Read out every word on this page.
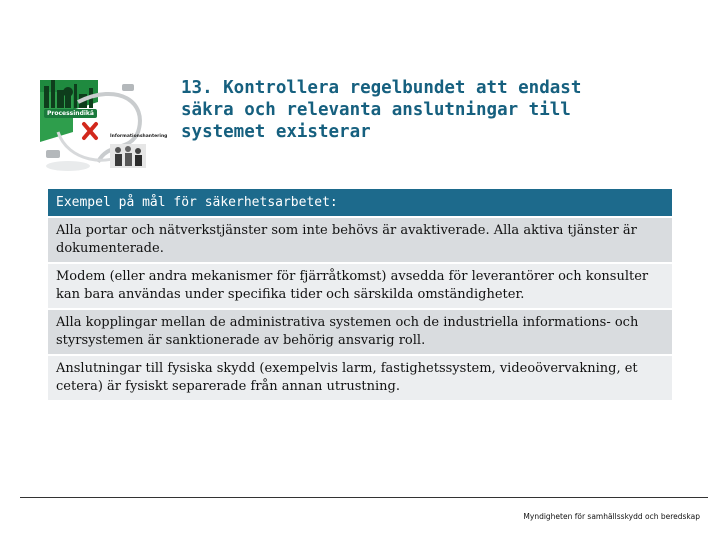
Processindikä
Informationshantering
13. Kontrollera regelbundet att endast säkra och relevanta anslutningar till systemet existerar
Exempel på mål för säkerhetsarbetet:
Alla portar och nätverkstjänster som inte behövs är avaktiverade. Alla aktiva tjänster är dokumenterade.
Modem (eller andra mekanismer för fjärråtkomst) avsedda för leverantörer och konsulter kan bara användas under specifika tider och särskilda omständigheter.
Alla kopplingar mellan de administrativa systemen och de industriella informations- och styrsystemen är sanktionerade av behörig ansvarig roll.
Anslutningar till fysiska skydd (exempelvis larm, fastighetssystem, videoövervakning, et cetera) är fysiskt separerade från annan utrustning.
Myndigheten för samhällsskydd och beredskap
